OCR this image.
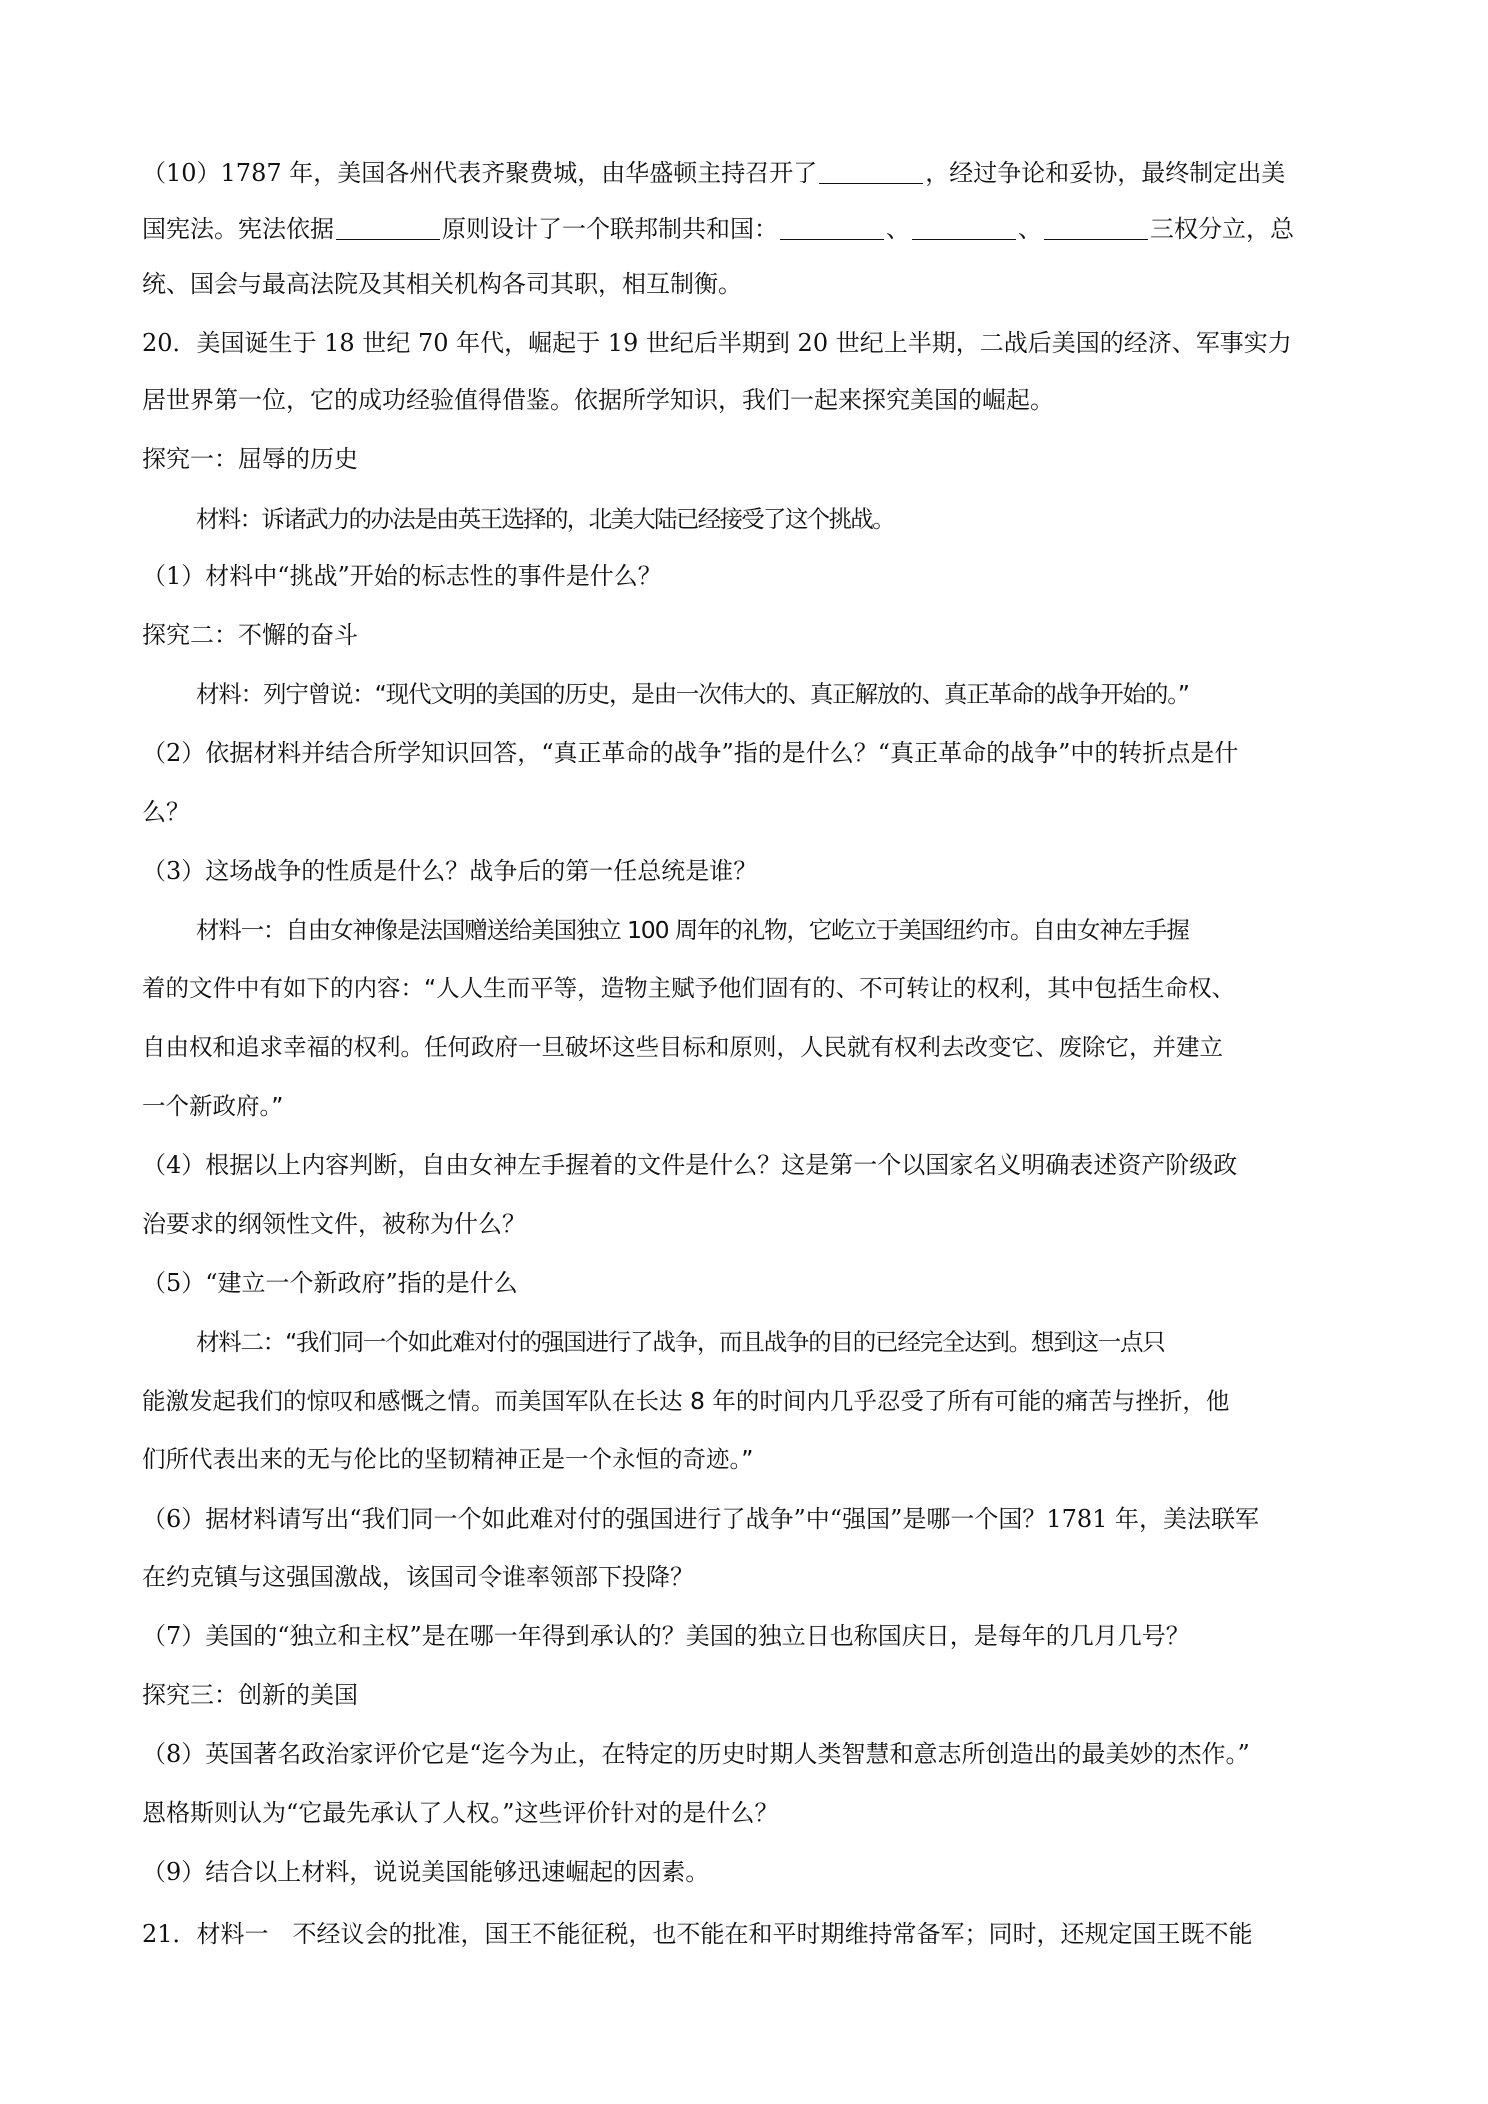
（10）1787 年，美国各州代表齐聚费城，由华盛顿主持召开了	，经过争论和妥协，最终制定出美
国宪法。宪法依据	原则设计了一个联邦制共和国：	、	、	三权分立，总
统、国会与最高法院及其相关机构各司其职，相互制衡。
20．美国诞生于 18 世纪 70 年代，崛起于 19 世纪后半期到 20 世纪上半期，二战后美国的经济、军事实力
居世界第一位，它的成功经验值得借鉴。依据所学知识，我们一起来探究美国的崛起。
探究一：屈辱的历史
材料：诉诸武力的办法是由英王选择的，北美大陆已经接受了这个挑战。
（1）材料中“挑战”开始的标志性的事件是什么？
探究二：不懈的奋斗
材料：列宁曾说：“现代文明的美国的历史，是由一次伟大的、真正解放的、真正革命的战争开始的。”
（2）依据材料并结合所学知识回答，“真正革命的战争”指的是什么？“真正革命的战争”中的转折点是什
么？
（3）这场战争的性质是什么？战争后的第一任总统是谁？
材料一：自由女神像是法国赠送给美国独立 100 周年的礼物，它屹立于美国纽约市。自由女神左手握
着的文件中有如下的内容：“人人生而平等，造物主赋予他们固有的、不可转让的权利，其中包括生命权、
自由权和追求幸福的权利。任何政府一旦破坏这些目标和原则，人民就有权利去改变它、废除它，并建立
一个新政府。”
（4）根据以上内容判断，自由女神左手握着的文件是什么？这是第一个以国家名义明确表述资产阶级政
治要求的纲领性文件，被称为什么？
（5）“建立一个新政府”指的是什么
材料二：“我们同一个如此难对付的强国进行了战争，而且战争的目的已经完全达到。想到这一点只
能激发起我们的惊叹和感慨之情。而美国军队在长达 8 年的时间内几乎忍受了所有可能的痛苦与挫折，他
们所代表出来的无与伦比的坚韧精神正是一个永恒的奇迹。”
（6）据材料请写出“我们同一个如此难对付的强国进行了战争”中“强国”是哪一个国？1781 年，美法联军
在约克镇与这强国激战，该国司令谁率领部下投降？
（7）美国的“独立和主权”是在哪一年得到承认的？美国的独立日也称国庆日，是每年的几月几号？
探究三：创新的美国
（8）英国著名政治家评价它是“迄今为止，在特定的历史时期人类智慧和意志所创造出的最美妙的杰作。”
恩格斯则认为“它最先承认了人权。”这些评价针对的是什么？
（9）结合以上材料，说说美国能够迅速崛起的因素。
21．材料一　不经议会的批准，国王不能征税，也不能在和平时期维持常备军；同时，还规定国王既不能
